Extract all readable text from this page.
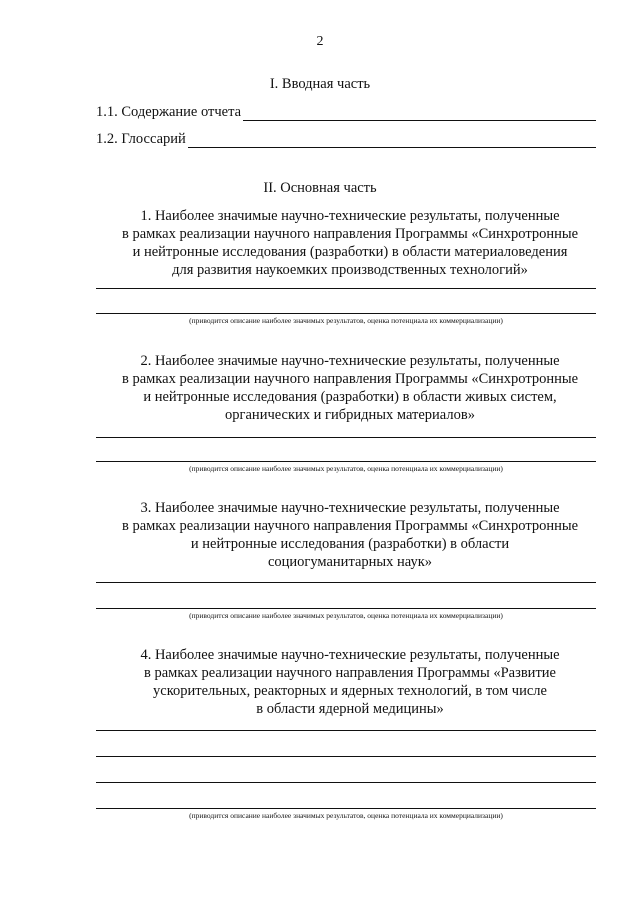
2
I. Вводная часть
1.1. Содержание отчета
1.2. Глоссарий
II. Основная часть
1. Наиболее значимые научно-технические результаты, полученные
в рамках реализации научного направления Программы «Синхротронные
и нейтронные исследования (разработки) в области материаловедения
для развития наукоемких производственных технологий»
(приводится описание наиболее значимых результатов, оценка потенциала их коммерциализации)
2. Наиболее значимые научно-технические результаты, полученные
в рамках реализации научного направления Программы «Синхротронные
и нейтронные исследования (разработки) в области живых систем,
органических и гибридных материалов»
(приводится описание наиболее значимых результатов, оценка потенциала их коммерциализации)
3. Наиболее значимые научно-технические результаты, полученные
в рамках реализации научного направления Программы «Синхротронные
и нейтронные исследования (разработки) в области
социогуманитарных наук»
(приводится описание наиболее значимых результатов, оценка потенциала их коммерциализации)
4. Наиболее значимые научно-технические результаты, полученные
в рамках реализации научного направления Программы «Развитие
ускорительных, реакторных и ядерных технологий, в том числе
в области ядерной медицины»
(приводится описание наиболее значимых результатов, оценка потенциала их коммерциализации)
